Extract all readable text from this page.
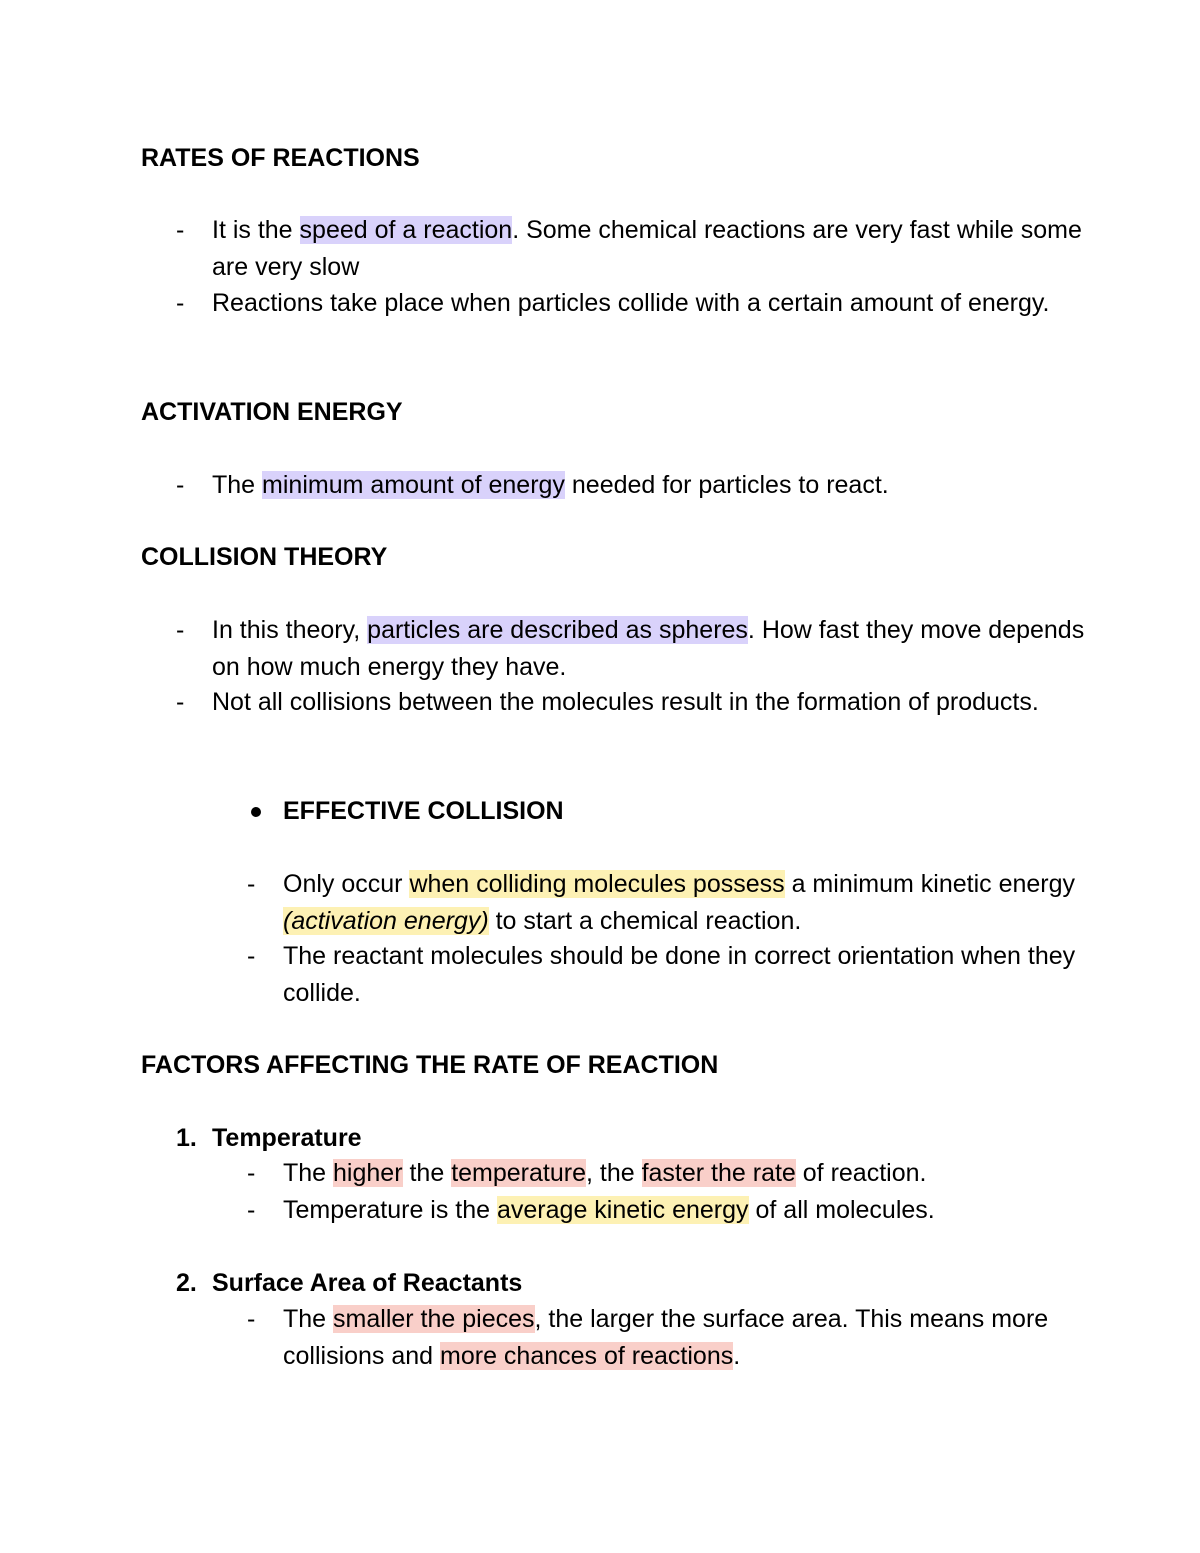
RATES OF REACTIONS

- It is the speed of a reaction. Some chemical reactions are very fast while some are very slow

- Reactions take place when particles collide with a certain amount of energy.

ACTIVATION ENERGY

- The minimum amount of energy needed for particles to react.

COLLISION THEORY

- In this theory, particles are described as spheres. How fast they move depends on how much energy they have.

- Not all collisions between the molecules result in the formation of products.

EFFECTIVE COLLISION

- Only occur when colliding molecules possess a minimum kinetic energy (activation energy) to start a chemical reaction.

- The reactant molecules should be done in correct orientation when they collide.

FACTORS AFFECTING THE RATE OF REACTION

1. Temperature

- The higher the temperature, the faster the rate of reaction.

- Temperature is the average kinetic energy of all molecules.

2. Surface Area of Reactants

- The smaller the pieces, the larger the surface area. This means more collisions and more chances of reactions.
